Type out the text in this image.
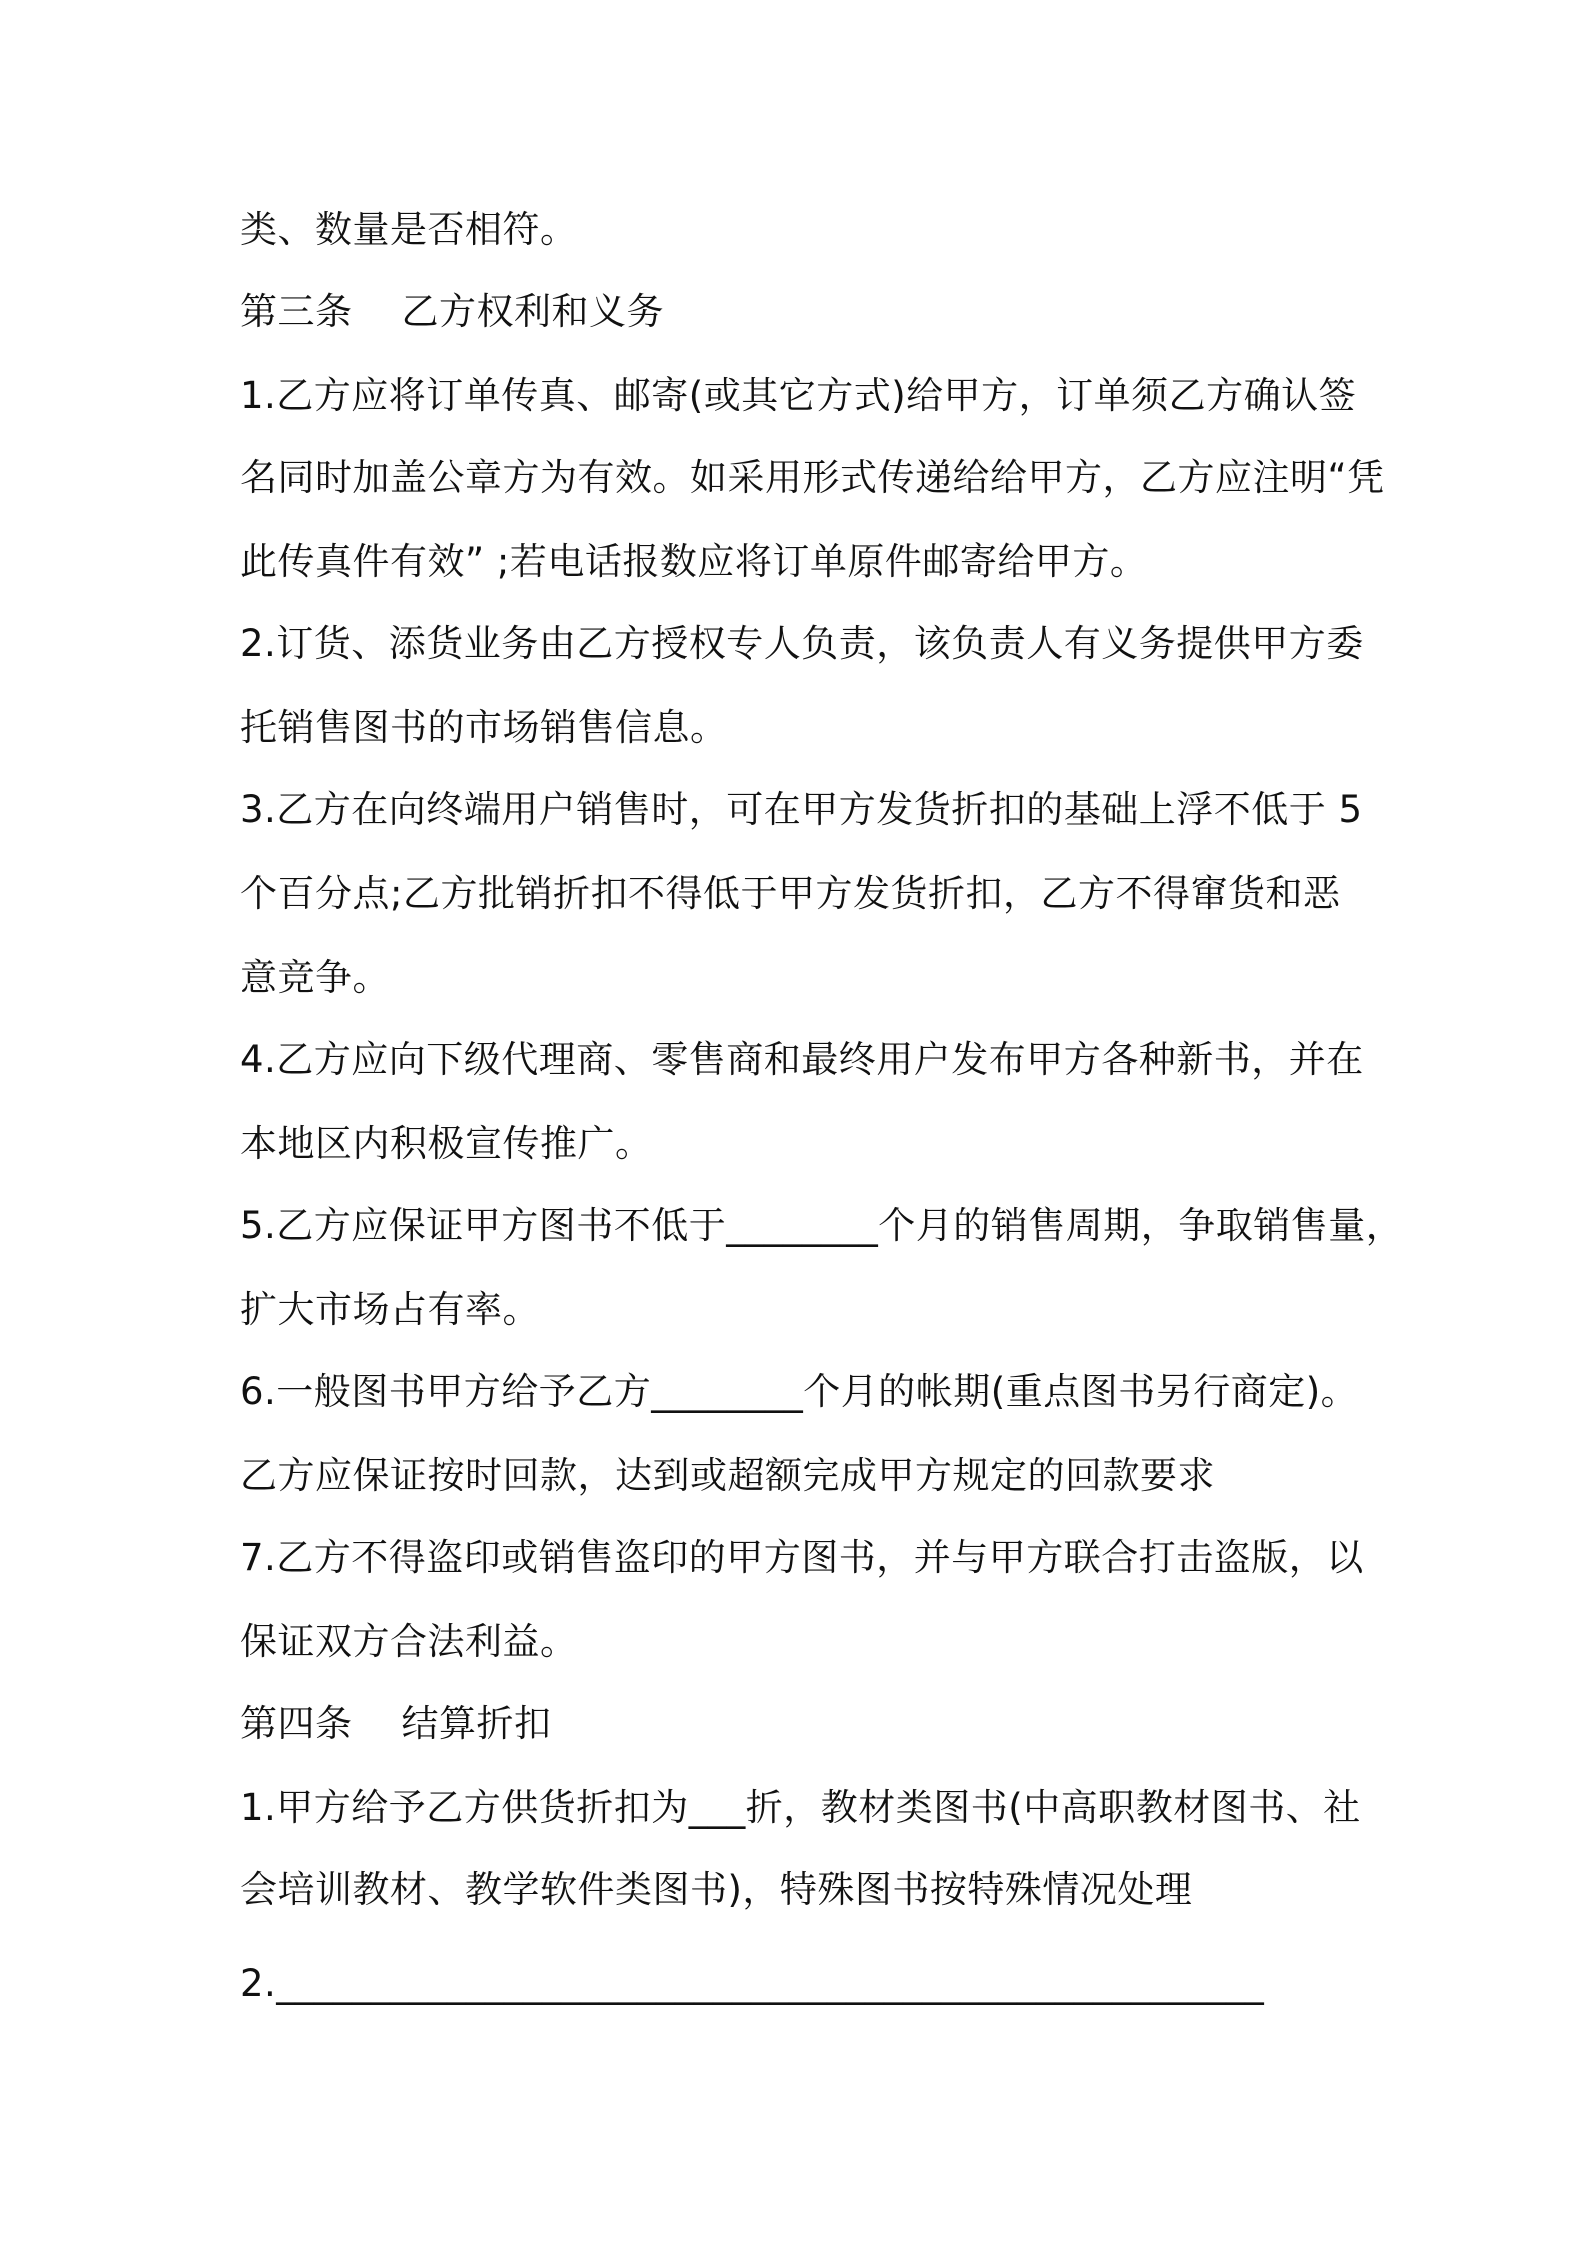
类、数量是否相符。
第三条    乙方权利和义务
1.乙方应将订单传真、邮寄(或其它方式)给甲方，订单须乙方确认签
名同时加盖公章方为有效。如采用形式传递给给甲方，乙方应注明“凭
此传真件有效” ;若电话报数应将订单原件邮寄给甲方。
2.订货、添货业务由乙方授权专人负责，该负责人有义务提供甲方委
托销售图书的市场销售信息。
3.乙方在向终端用户销售时，可在甲方发货折扣的基础上浮不低于 5
个百分点;乙方批销折扣不得低于甲方发货折扣，乙方不得窜货和恶
意竞争。
4.乙方应向下级代理商、零售商和最终用户发布甲方各种新书，并在
本地区内积极宣传推广。
5.乙方应保证甲方图书不低于________个月的销售周期，争取销售量，
扩大市场占有率。
6.一般图书甲方给予乙方________个月的帐期(重点图书另行商定)。
乙方应保证按时回款，达到或超额完成甲方规定的回款要求
7.乙方不得盗印或销售盗印的甲方图书，并与甲方联合打击盗版，以
保证双方合法利益。
第四条    结算折扣
1.甲方给予乙方供货折扣为___折，教材类图书(中高职教材图书、社
会培训教材、教学软件类图书)，特殊图书按特殊情况处理
2.____________________________________________________
